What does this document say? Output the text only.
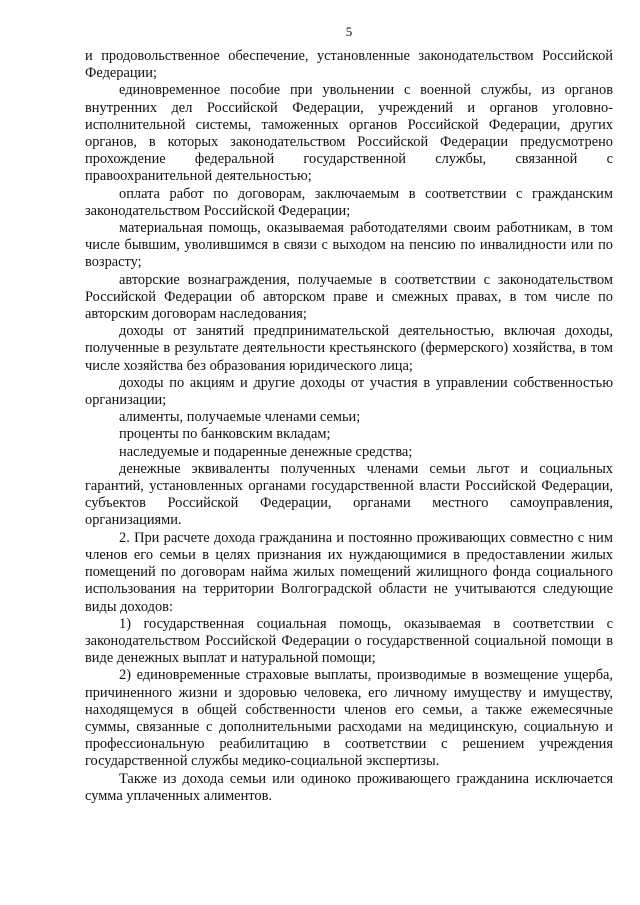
5

и продовольственное обеспечение, установленные законодательством Российской Федерации;

единовременное пособие при увольнении с военной службы, из органов внутренних дел Российской Федерации, учреждений и органов уголовно-исполнительной системы, таможенных органов Российской Федерации, других органов, в которых законодательством Российской Федерации предусмотрено прохождение федеральной государственной службы, связанной с правоохранительной деятельностью;

оплата работ по договорам, заключаемым в соответствии с гражданским законодательством Российской Федерации;

материальная помощь, оказываемая работодателями своим работникам, в том числе бывшим, уволившимся в связи с выходом на пенсию по инвалидности или по возрасту;

авторские вознаграждения, получаемые в соответствии с законодательством Российской Федерации об авторском праве и смежных правах, в том числе по авторским договорам наследования;

доходы от занятий предпринимательской деятельностью, включая доходы, полученные в результате деятельности крестьянского (фермерского) хозяйства, в том числе хозяйства без образования юридического лица;

доходы по акциям и другие доходы от участия в управлении собственностью организации;

алименты, получаемые членами семьи;

проценты по банковским вкладам;

наследуемые и подаренные денежные средства;

денежные эквиваленты полученных членами семьи льгот и социальных гарантий, установленных органами государственной власти Российской Федерации, субъектов Российской Федерации, органами местного самоуправления, организациями.

2. При расчете дохода гражданина и постоянно проживающих совместно с ним членов его семьи в целях признания их нуждающимися в предоставлении жилых помещений по договорам найма жилых помещений жилищного фонда социального использования на территории Волгоградской области не учитываются следующие виды доходов:

1) государственная социальная помощь, оказываемая в соответствии с законодательством Российской Федерации о государственной социальной помощи в виде денежных выплат и натуральной помощи;

2) единовременные страховые выплаты, производимые в возмещение ущерба, причиненного жизни и здоровью человека, его личному имуществу и имуществу, находящемуся в общей собственности членов его семьи, а также ежемесячные суммы, связанные с дополнительными расходами на медицинскую, социальную и профессиональную реабилитацию в соответствии с решением учреждения государственной службы медико-социальной экспертизы.

Также из дохода семьи или одиноко проживающего гражданина исключается сумма уплаченных алиментов.
